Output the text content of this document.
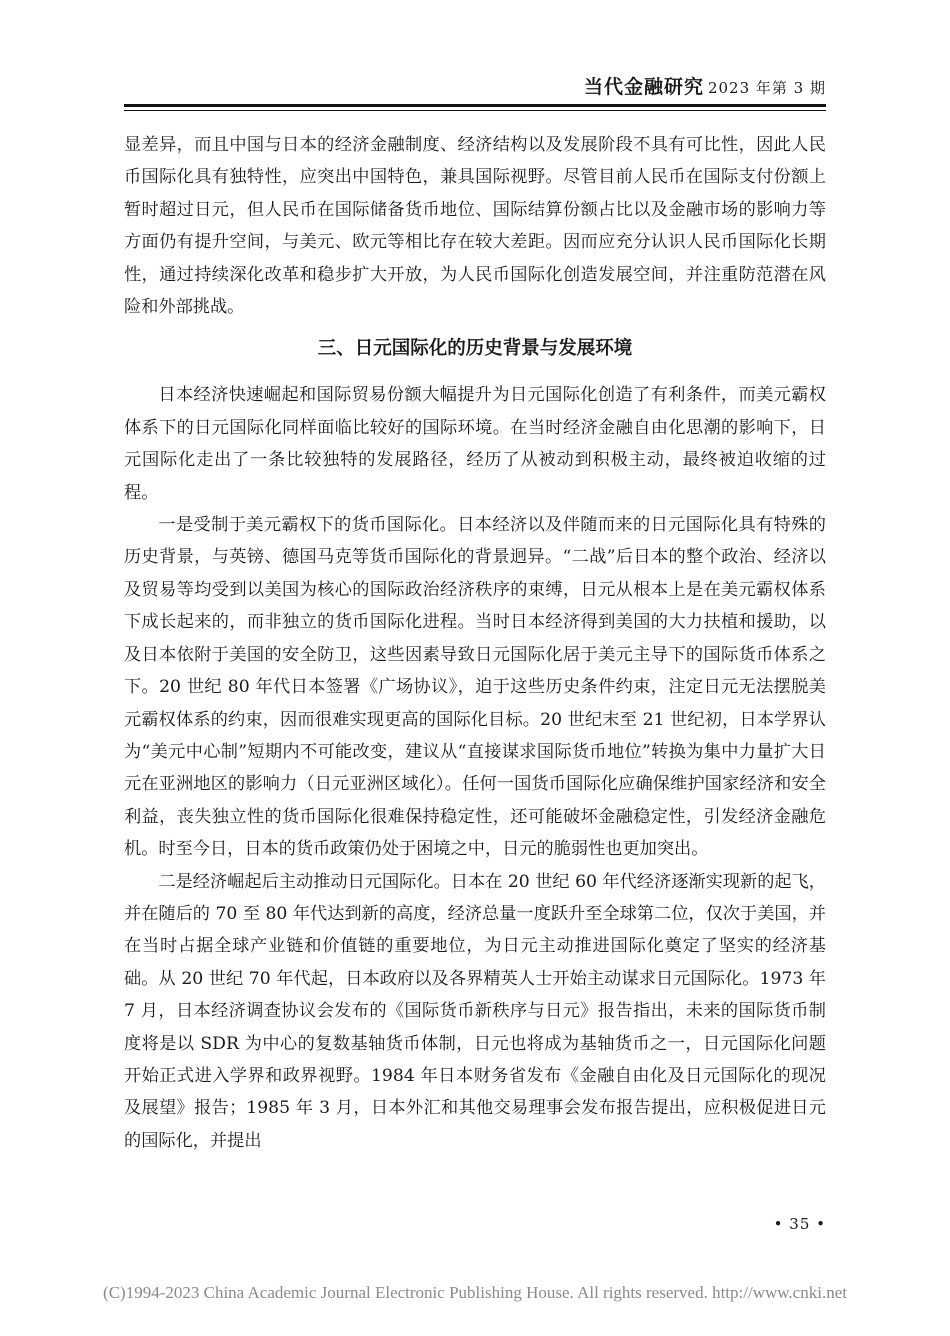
当代金融研究 2023 年第 3 期

显差异，而且中国与日本的经济金融制度、经济结构以及发展阶段不具有可比性，因此人民币国际化具有独特性，应突出中国特色，兼具国际视野。尽管目前人民币在国际支付份额上暂时超过日元，但人民币在国际储备货币地位、国际结算份额占比以及金融市场的影响力等方面仍有提升空间，与美元、欧元等相比存在较大差距。因而应充分认识人民币国际化长期性，通过持续深化改革和稳步扩大开放，为人民币国际化创造发展空间，并注重防范潜在风险和外部挑战。

三、日元国际化的历史背景与发展环境

日本经济快速崛起和国际贸易份额大幅提升为日元国际化创造了有利条件，而美元霸权体系下的日元国际化同样面临比较好的国际环境。在当时经济金融自由化思潮的影响下，日元国际化走出了一条比较独特的发展路径，经历了从被动到积极主动，最终被迫收缩的过程。

一是受制于美元霸权下的货币国际化。日本经济以及伴随而来的日元国际化具有特殊的历史背景，与英镑、德国马克等货币国际化的背景迥异。“二战”后日本的整个政治、经济以及贸易等均受到以美国为核心的国际政治经济秩序的束缚，日元从根本上是在美元霸权体系下成长起来的，而非独立的货币国际化进程。当时日本经济得到美国的大力扶植和援助，以及日本依附于美国的安全防卫，这些因素导致日元国际化居于美元主导下的国际货币体系之下。20 世纪 80 年代日本签署《广场协议》，迫于这些历史条件约束，注定日元无法摆脱美元霸权体系的约束，因而很难实现更高的国际化目标。20 世纪末至 21 世纪初，日本学界认为“美元中心制”短期内不可能改变，建议从“直接谋求国际货币地位”转换为集中力量扩大日元在亚洲地区的影响力（日元亚洲区域化）。任何一国货币国际化应确保维护国家经济和安全利益，丧失独立性的货币国际化很难保持稳定性，还可能破坏金融稳定性，引发经济金融危机。时至今日，日本的货币政策仍处于困境之中，日元的脆弱性也更加突出。

二是经济崛起后主动推动日元国际化。日本在 20 世纪 60 年代经济逐渐实现新的起飞，并在随后的 70 至 80 年代达到新的高度，经济总量一度跃升至全球第二位，仅次于美国，并在当时占据全球产业链和价值链的重要地位，为日元主动推进国际化奠定了坚实的经济基础。从 20 世纪 70 年代起，日本政府以及各界精英人士开始主动谋求日元国际化。1973 年 7 月，日本经济调查协议会发布的《国际货币新秩序与日元》报告指出，未来的国际货币制度将是以 SDR 为中心的复数基轴货币体制，日元也将成为基轴货币之一，日元国际化问题开始正式进入学界和政界视野。1984 年日本财务省发布《金融自由化及日元国际化的现况及展望》报告；1985 年 3 月，日本外汇和其他交易理事会发布报告提出，应积极促进日元的国际化，并提出

• 35 •
(C)1994-2023 China Academic Journal Electronic Publishing House. All rights reserved. http://www.cnki.net
